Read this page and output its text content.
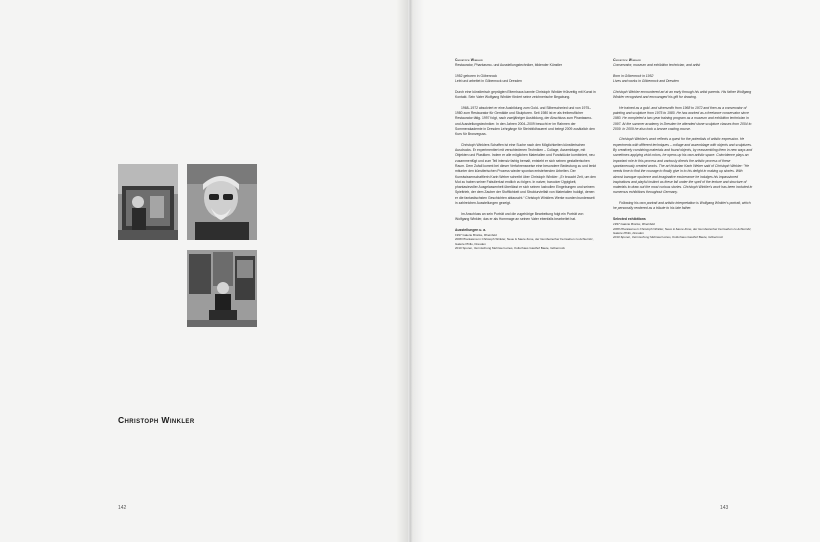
Christoph Winkler
142

Christoph Winkler

Restaurator, Phantasmo- und Ausstellungstechniker, bildender Künstler

1952 geboren in Göbenrock

Lebt und arbeitet in Göbenrock und Dresden

Durch eine künstlerisch geprägten Elternhaus kannte Christoph Winkler frühzeitig mit Kunst in Kontakt. Sein Vater Wolfgang Winkler fördert seine zeichnerische Begabung.

1968–1972 absolviert er eine Ausbildung zum Gold- und Silberschmied und von 1975–1980 zum Restaurator für Gemälde und Skulpturen. Seit 1980 ist er als freiberuflicher Restaurator tätig. 1997 folgt, nach zweijähriger Ausbildung, der Abschluss zum Phantasmo- und Ausstellungstechniker. In den Jahren 2004–2009 besucht er im Rahmen der Sommerakademie in Dresden Lehrgänge für Steinbildhauerei und belegt 2009 zusätzlich den Kurs für Bronzeguss.

Christoph Winklers Schaffen ist eine Suche nach den Möglichkeiten künstlerischen Ausdrucks. Er experimentiert mit verschiedenen Techniken – Collage, Assemblage, mit Objekten und Plastiken. Indem er alle möglichen Materialien und Fundstücke kombiniert, neu zusammenfügt und zum Teil intensiv farbig bemalt, entsteht er sich seinen gestalterischen Raum. Dem Zufall kommt bei dieser Verfahrensweise eine besondere Bedeutung zu und lenkt mitunter den künstlerischen Prozess wieder spontan entstehenden Arbeiten. Der Kunstwissenschaftlerin Karin Weber schreibt über Christoph Winkler: „Er braucht Zeit, um den Mut zu haben seiner Fabulierlust endlich zu folgen. In naiver, barocker Üppigkeit, phantasievoller Ausgelassenheit überlässt er sich seinen lustvollen Eingebungen und seinem Spieltrieb, der dem Zauber der Stofflichkeit und Strukturvielfalt von Materialien huldigt, denen er die fantastischsten Geschichten ablauscht.“ Christoph Winklers Werke wurden bundesweit in zahlreichen Ausstellungen gezeigt.

Im Anschluss an sein Porträt und die zugehörige Bearbeitung folgt ein Porträt von Wolfgang Winkler, das er als Hommage an seinen Vater ebenfalls bearbeitet hat.

Ausstellungen u. a.

1997 Galerie Brücke, Rheinfeld
2008 Phantasma in Christoph Winkler, Neue & Saure Zone, der Gumbeinerher Fernsehen zu Achternitz, Galerie Phillo, Dresden
2010 Spuren, Vermischung Mehrwert eines, Kulturhaus Gasthof Baute, Göbenrock

Christoph Winkler

Conservator, museum and exhibition technician, and artist

Born in Göbenrock in 1952

Lives and works in Göbenrock and Dresden

Christoph Winkler encountered art at an early through his artist parents. His father Wolfgang Winkler recognised and encouraged his gift for drawing.

He trained as a gold- and silversmith from 1968 to 1972 and then as a conservator of painting and sculpture from 1975 to 1980. He has worked as a freelance conservator since 1980. He completed a two-year training program as a museum and exhibition technician in 1997. At the summer academy in Dresden he attended stone sculpture classes from 2004 to 2009. In 2009 he also took a bronze casting course.

Christoph Winkler's work reflects a quest for the potentials of artistic expression. He experiments with different techniques – collage and assemblage with objects and sculptures. By creatively combining materials and found objects, by reassembling them in new ways and sometimes applying vivid colors, he opens up his own artistic space. Coincidence plays an important role in this process and variously directs the artistic process of these spontaneously created works. The art historian Karin Weber said of Christoph Winkler: "He needs time to find the courage to finally give in to his delight in making up stories. With almost baroque opulence and imaginative exuberance he indulges his impassioned inspirations and playful instinct as these fall under the spell of the texture and structure of materials to draw out the most curious stories. Christoph Winkler's work has been included in numerous exhibitions throughout Germany.

Following his own portrait and artistic interpretation is Wolfgang Winkler's portrait, which he personally rendered as a tribute to his late father.

Selected exhibitions

1997 Galerie Brücke, Rheinfeld
2008 Phantasma in Christoph Winkler, Neue & Saure Zone, der Gumbeinerher Fernsehen zu Achternitz, Galerie Phillo, Dresden
2010 Spuren, Vermischung Mehrwert eines, Kulturhaus Gasthof Baute, Göbenrock
143
